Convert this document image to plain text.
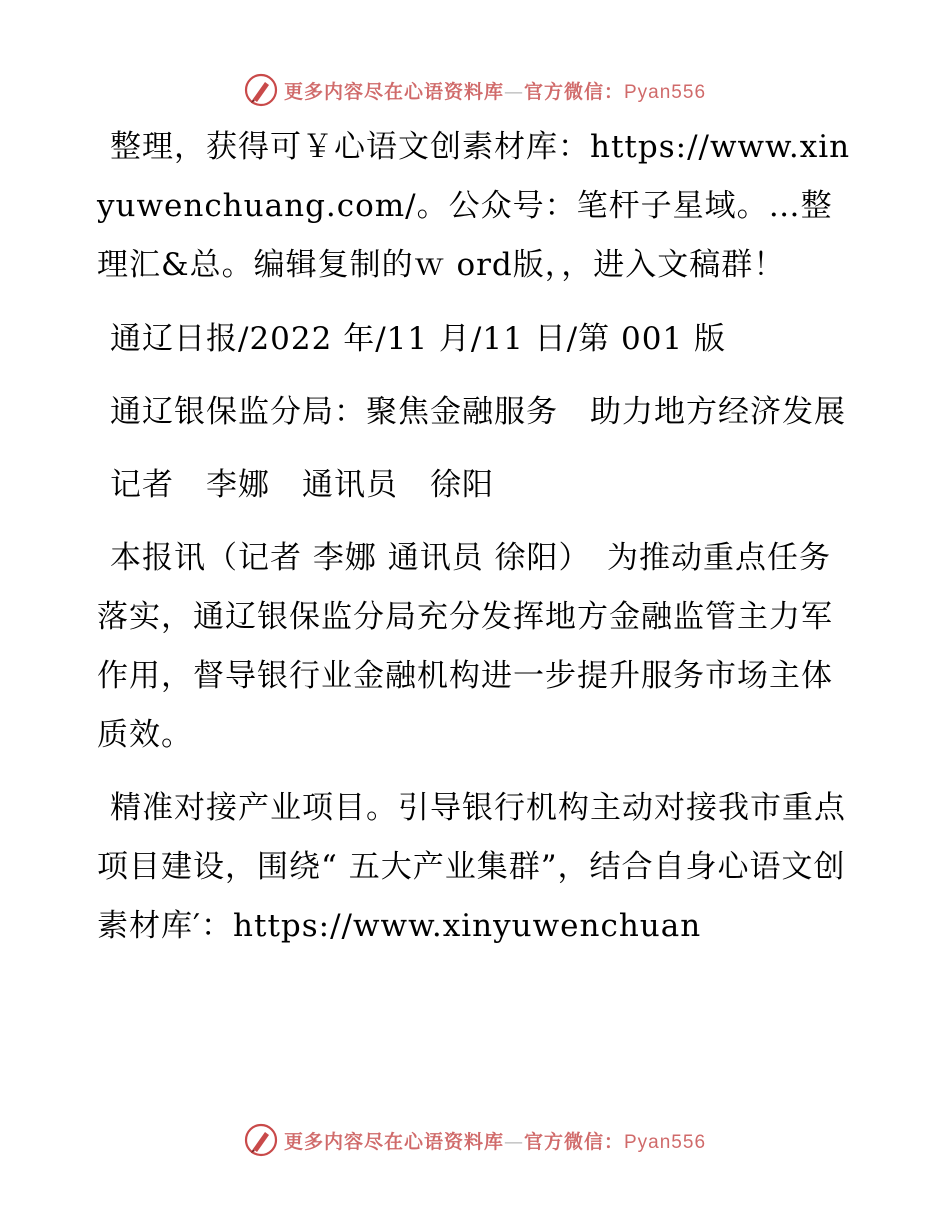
更多内容尽在心语资料库—官方微信：Pyan556

整理，获得可￥心语文创素材库：https://www.xinyuwenchuang.com/。公众号：笔杆子星域。…整理汇&总。编辑复制的ｗ ord版，，进入文稿群！

通辽日报/2022 年/11 月/11 日/第 001 版

通辽银保监分局：聚焦金融服务　助力地方经济发展

记者　李娜　通讯员　徐阳

本报讯（记者 李娜 通讯员 徐阳）　为推动重点任务落实，通辽银保监分局充分发挥地方金融监管主力军作用，督导银行业金融机构进一步提升服务市场主体质效。

精准对接产业项目。引导银行机构主动对接我市重点项目建设，围绕“ 五大产业集群”，结合自身心语文创素材库′：https://www.xinyuwenchuan

更多内容尽在心语资料库—官方微信：Pyan556
